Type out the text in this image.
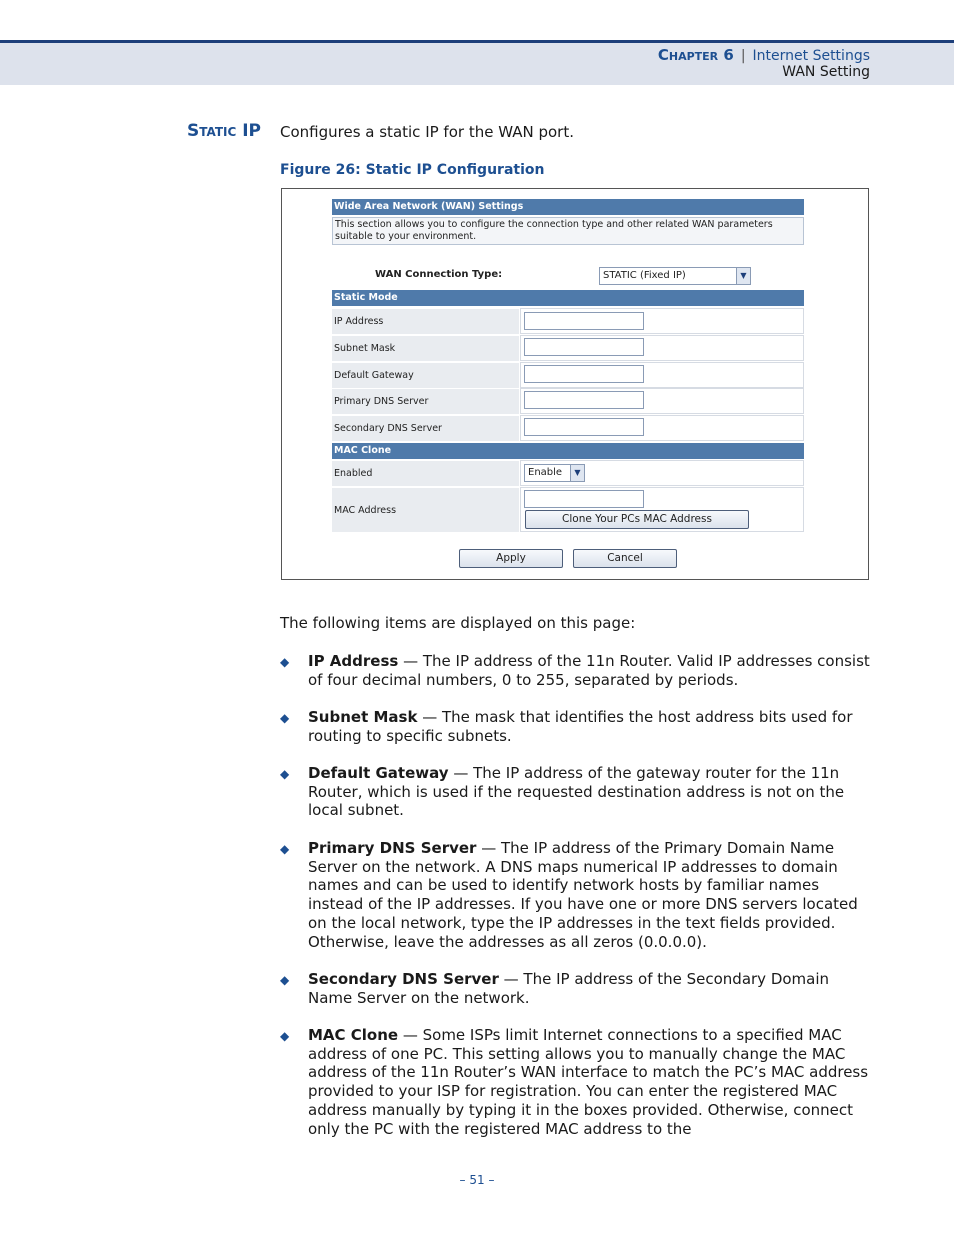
Chapter 6 | Internet Settings
WAN Setting
Static IP Configures a static IP for the WAN port.
Figure 26: Static IP Configuration
Wide Area Network (WAN) Settings
This section allows you to configure the connection type and other related WAN parameters suitable to your environment.
WAN Connection Type:	STATIC (Fixed IP)	▼
Static Mode
IP Address
Subnet Mask
Default Gateway
Primary DNS Server
Secondary DNS Server
MAC Clone
Enabled	Enable	▼
MAC Address
Clone Your PCs MAC Address
Apply	Cancel
The following items are displayed on this page:
◆ IP Address — The IP address of the 11n Router. Valid IP addresses consist of four decimal numbers, 0 to 255, separated by periods.
◆ Subnet Mask — The mask that identifies the host address bits used for routing to specific subnets.
◆ Default Gateway — The IP address of the gateway router for the 11n Router, which is used if the requested destination address is not on the local subnet.
◆ Primary DNS Server — The IP address of the Primary Domain Name Server on the network. A DNS maps numerical IP addresses to domain names and can be used to identify network hosts by familiar names instead of the IP addresses. If you have one or more DNS servers located on the local network, type the IP addresses in the text fields provided. Otherwise, leave the addresses as all zeros (0.0.0.0).
◆ Secondary DNS Server — The IP address of the Secondary Domain Name Server on the network.
◆ MAC Clone — Some ISPs limit Internet connections to a specified MAC address of one PC. This setting allows you to manually change the MAC address of the 11n Router’s WAN interface to match the PC’s MAC address provided to your ISP for registration. You can enter the registered MAC address manually by typing it in the boxes provided. Otherwise, connect only the PC with the registered MAC address to the
– 51 –
